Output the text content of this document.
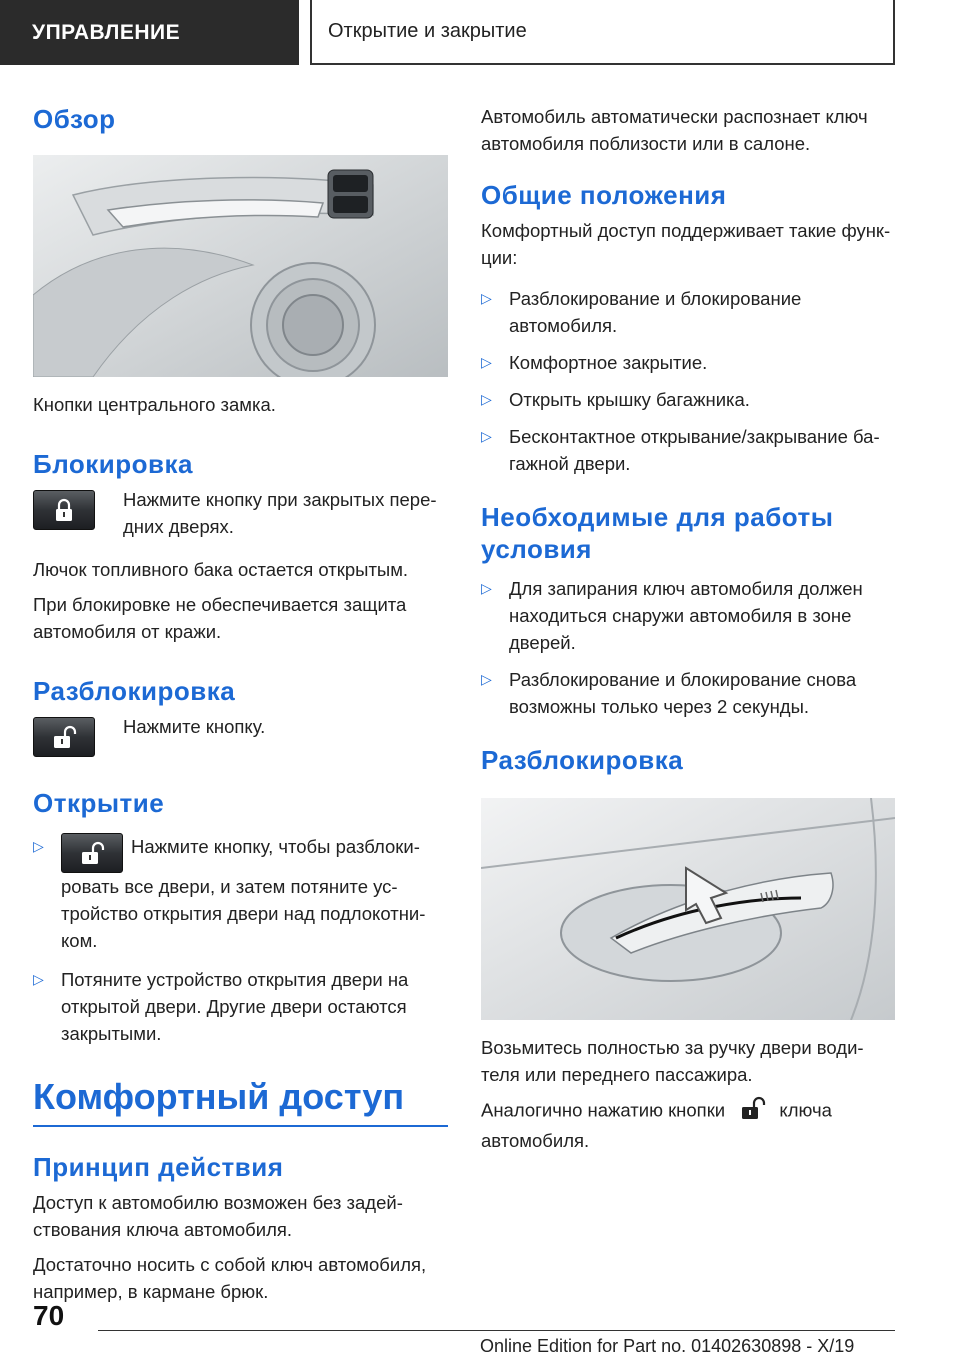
УПРАВЛЕНИЕ	Открытие и закрытие
Обзор

Кнопки центрального замка.

Блокировка

Нажмите кнопку при закрытых пере-дних дверях.

Лючок топливного бака остается открытым.

При блокировке не обеспечивается защита автомобиля от кражи.

Разблокировка

Нажмите кнопку.

Открытие
▷	Нажмите кнопку, чтобы разблоки-ровать все двери, и затем потяните ус-тройство открытия двери над подлокотни-ком.

▷ Потяните устройство открытия двери на открытой двери. Другие двери остаются закрытыми.

Комфортный доступ
Принцип действия

Доступ к автомобилю возможен без задей-ствования ключа автомобиля.

Достаточно носить с собой ключ автомобиля, например, в кармане брюк.

Автомобиль автоматически распознает ключ автомобиля поблизости или в салоне.

Общие положения

Комфортный доступ поддерживает такие функ-ции:

▷ Разблокирование и блокирование автомобиля.

▷ Комфортное закрытие.

▷ Открыть крышку багажника.

▷ Бесконтактное открывание/закрывание ба-гажной двери.

Необходимые для работы условия
▷ Для запирания ключ автомобиля должен находиться снаружи автомобиля в зоне дверей.

▷ Разблокирование и блокирование снова возможны только через 2 секунды.

Разблокировка

Возьмитесь полностью за ручку двери води-теля или переднего пассажира.

Аналогично нажатию кнопки	ключа автомобиля.

70
Online Edition for Part no. 01402630898 - X/19
